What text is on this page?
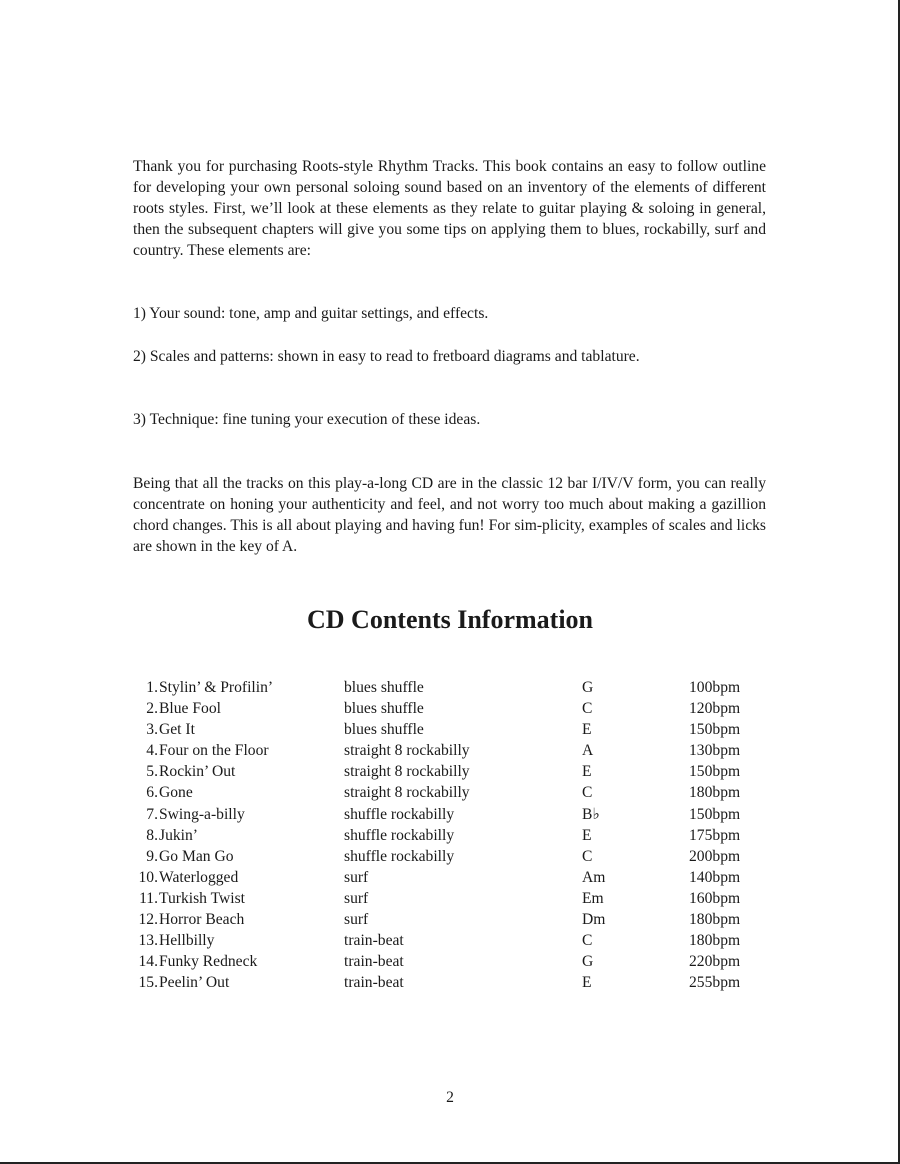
Thank you for purchasing Roots-style Rhythm Tracks. This book contains an easy to follow outline for developing your own personal soloing sound based on an inventory of the elements of different roots styles. First, we’ll look at these elements as they relate to guitar playing & soloing in general, then the subsequent chapters will give you some tips on applying them to blues, rockabilly, surf and country. These elements are:

1) Your sound: tone, amp and guitar settings, and effects.

2) Scales and patterns: shown in easy to read to fretboard diagrams and tablature.

3) Technique: fine tuning your execution of these ideas.

Being that all the tracks on this play-a-long CD are in the classic 12 bar I/IV/V form, you can really concentrate on honing your authenticity and feel, and not worry too much about making a gazillion chord changes. This is all about playing and having fun! For sim-plicity, examples of scales and licks are shown in the key of A.

CD Contents Information
1. Stylin’ & Profilin’	blues shuffle	G	100bpm
2. Blue Fool	blues shuffle	C	120bpm
3. Get It	blues shuffle	E	150bpm
4. Four on the Floor	straight 8 rockabilly	A	130bpm
5. Rockin’ Out	straight 8 rockabilly	E	150bpm
6. Gone	straight 8 rockabilly	C	180bpm
7. Swing-a-billy	shuffle rockabilly	B♭	150bpm
8. Jukin’	shuffle rockabilly	E	175bpm
9. Go Man Go	shuffle rockabilly	C	200bpm
10. Waterlogged	surf	Am	140bpm
11. Turkish Twist	surf	Em	160bpm
12. Horror Beach	surf	Dm	180bpm
13. Hellbilly	train-beat	C	180bpm
14. Funky Redneck	train-beat	G	220bpm
15. Peelin’ Out	train-beat	E	255bpm

2
